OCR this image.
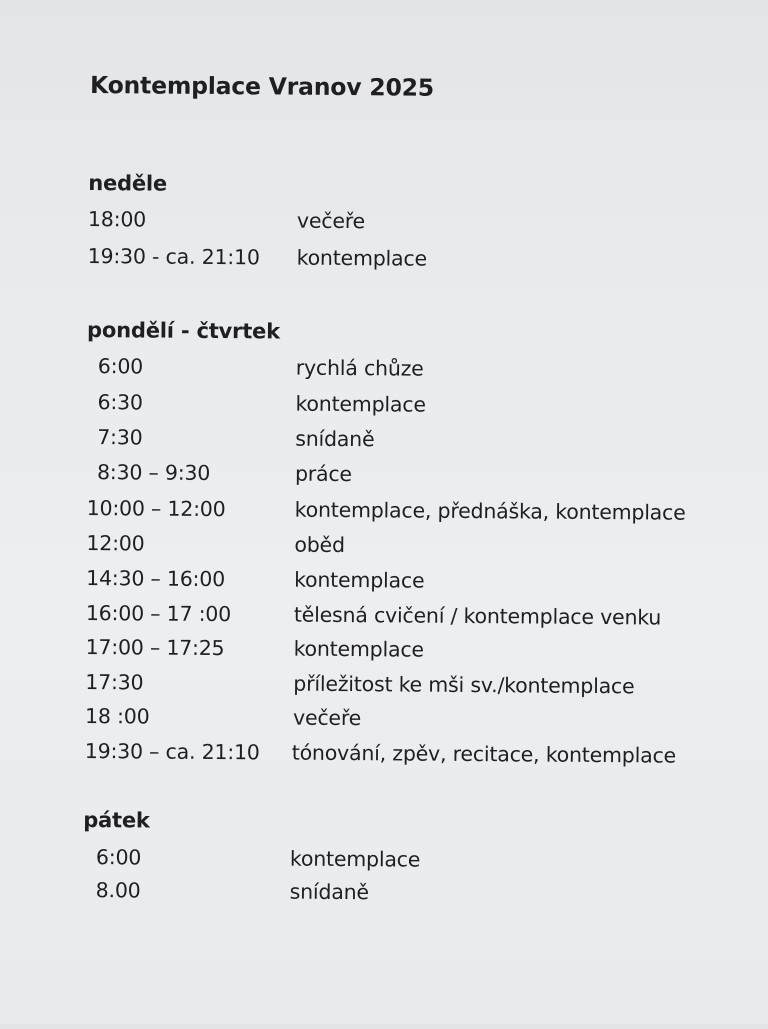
Kontemplace Vranov 2025
neděle
18:00	večeře
19:30 - ca. 21:10 kontemplace
pondělí - čtvrtek
6:00	rychlá chůze
6:30	kontemplace
7:30	snídaně
8:30 – 9:30	práce
10:00 – 12:00	kontemplace, přednáška, kontemplace
12:00	oběd
14:30 – 16:00	kontemplace
16:00 – 17 :00	tělesná cvičení / kontemplace venku
17:00 – 17:25	kontemplace
17:30	příležitost ke mši sv./kontemplace
18 :00	večeře
19:30 – ca. 21:10 tónování, zpěv, recitace, kontemplace
pátek
6:00	kontemplace
8.00	snídaně
